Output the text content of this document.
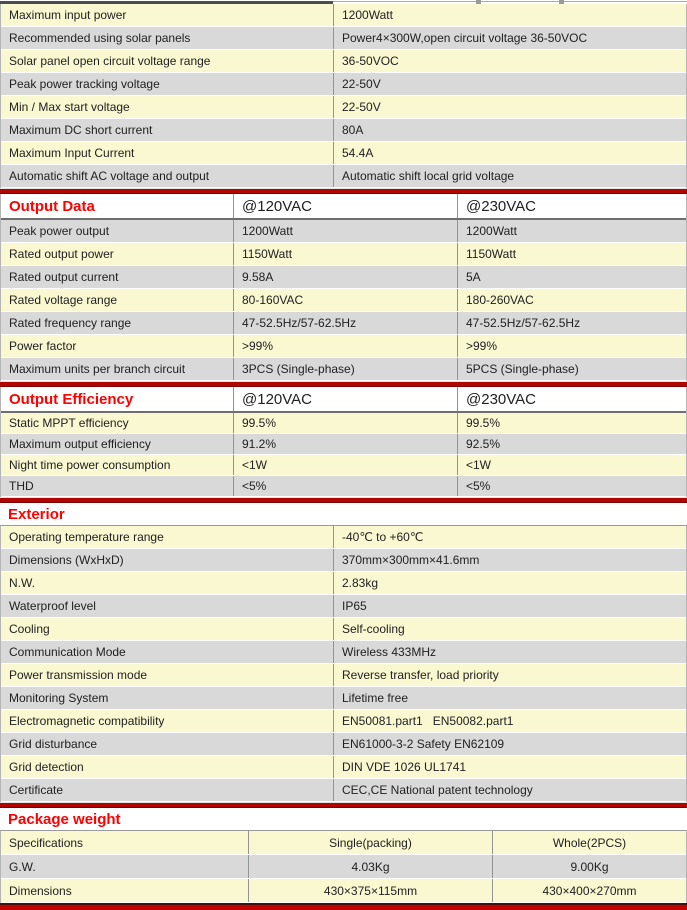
Maximum input power	1200Watt
Recommended using solar panels	Power4×300W,open circuit voltage 36-50VOC
Solar panel open circuit voltage range	36-50VOC
Peak power tracking voltage	22-50V
Min / Max start voltage	22-50V
Maximum DC short current	80A
Maximum Input Current	54.4A
Automatic shift AC voltage and output	Automatic shift local grid voltage
Output Data	@120VAC	@230VAC
Peak power output	1200Watt	1200Watt
Rated output power	1150Watt	1150Watt
Rated output current	9.58A	5A
Rated voltage range	80-160VAC	180-260VAC
Rated frequency range	47-52.5Hz/57-62.5Hz	47-52.5Hz/57-62.5Hz
Power factor	>99%	>99%
Maximum units per branch circuit	3PCS (Single-phase)	5PCS (Single-phase)
Output Efficiency	@120VAC	@230VAC
Static MPPT efficiency	99.5%	99.5%
Maximum output efficiency	91.2%	92.5%
Night time power consumption	<1W	<1W
THD	<5%	<5%
Exterior
Operating temperature range	-40℃ to +60℃
Dimensions (WxHxD)	370mm×300mm×41.6mm
N.W.	2.83kg
Waterproof level	IP65
Cooling	Self-cooling
Communication Mode	Wireless 433MHz
Power transmission mode	Reverse transfer, load priority
Monitoring System	Lifetime free
Electromagnetic compatibility	EN50081.part1   EN50082.part1
Grid disturbance	EN61000-3-2 Safety EN62109
Grid detection	DIN VDE 1026 UL1741
Certificate	CEC,CE National patent technology
Package weight
Specifications	Single(packing)	Whole(2PCS)
G.W.	4.03Kg	9.00Kg
Dimensions	430×375×115mm	430×400×270mm
